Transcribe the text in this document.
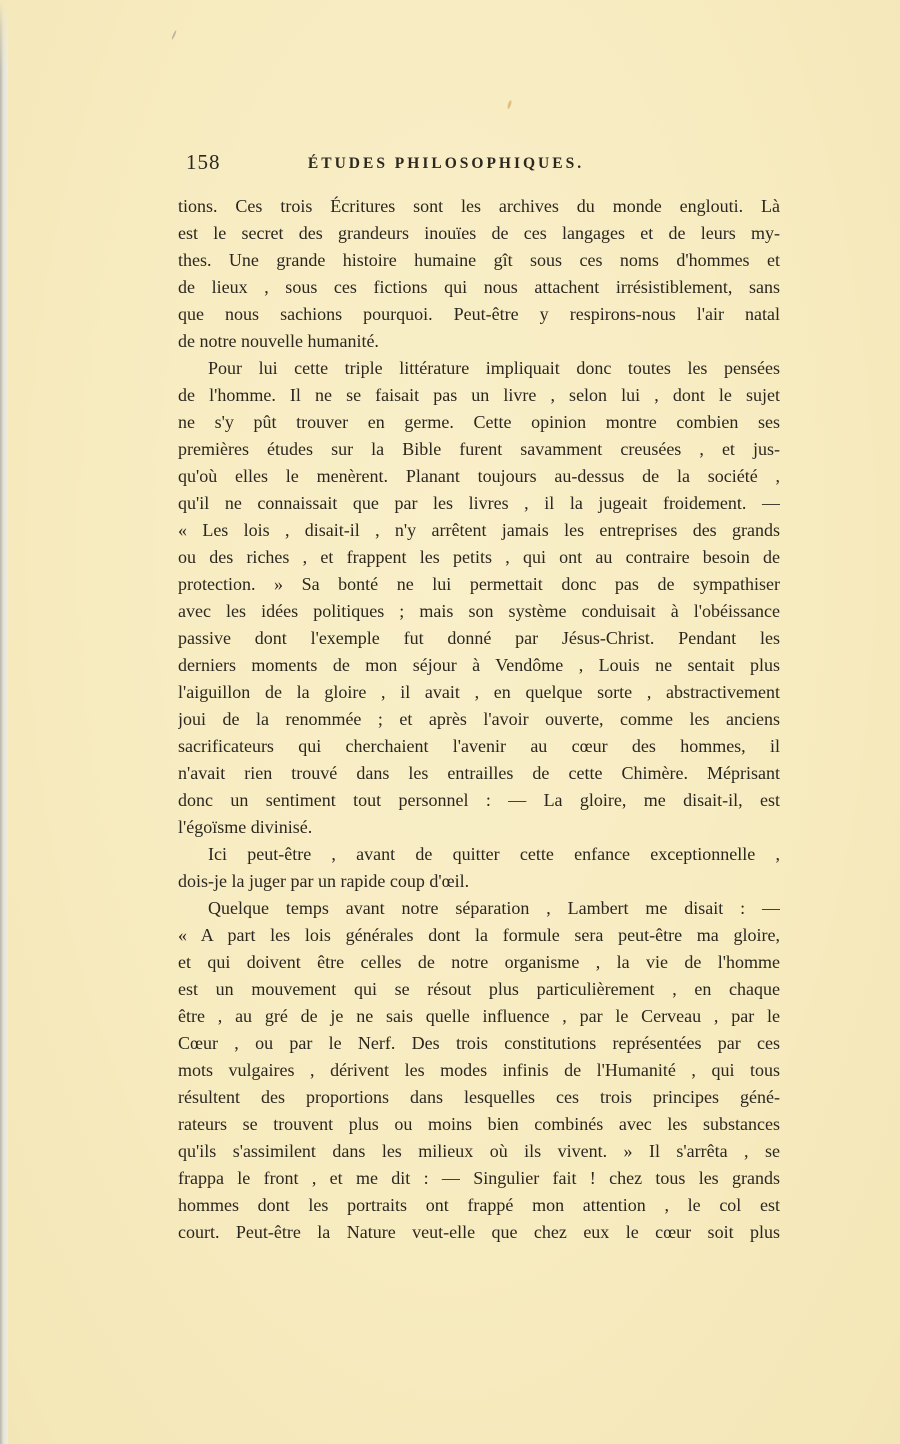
158	ÉTUDES PHILOSOPHIQUES.
tions. Ces trois Écritures sont les archives du monde englouti. Là
est le secret des grandeurs inouïes de ces langages et de leurs my-
thes. Une grande histoire humaine gît sous ces noms d'hommes et
de lieux , sous ces fictions qui nous attachent irrésistiblement, sans
que nous sachions pourquoi. Peut-être y respirons-nous l'air natal
de notre nouvelle humanité.
Pour lui cette triple littérature impliquait donc toutes les pensées
de l'homme. Il ne se faisait pas un livre , selon lui , dont le sujet
ne s'y pût trouver en germe. Cette opinion montre combien ses
premières études sur la Bible furent savamment creusées , et jus-
qu'où elles le menèrent. Planant toujours au-dessus de la société ,
qu'il ne connaissait que par les livres , il la jugeait froidement. —
« Les lois , disait-il , n'y arrêtent jamais les entreprises des grands
ou des riches , et frappent les petits , qui ont au contraire besoin de
protection. » Sa bonté ne lui permettait donc pas de sympathiser
avec les idées politiques ; mais son système conduisait à l'obéissance
passive dont l'exemple fut donné par Jésus-Christ. Pendant les
derniers moments de mon séjour à Vendôme , Louis ne sentait plus
l'aiguillon de la gloire , il avait , en quelque sorte , abstractivement
joui de la renommée ; et après l'avoir ouverte, comme les anciens
sacrificateurs qui cherchaient l'avenir au cœur des hommes, il
n'avait rien trouvé dans les entrailles de cette Chimère. Méprisant
donc un sentiment tout personnel : — La gloire, me disait-il, est
l'égoïsme divinisé.
Ici peut-être , avant de quitter cette enfance exceptionnelle ,
dois-je la juger par un rapide coup d'œil.
Quelque temps avant notre séparation , Lambert me disait : —
« A part les lois générales dont la formule sera peut-être ma gloire,
et qui doivent être celles de notre organisme , la vie de l'homme
est un mouvement qui se résout plus particulièrement , en chaque
être , au gré de je ne sais quelle influence , par le Cerveau , par le
Cœur , ou par le Nerf. Des trois constitutions représentées par ces
mots vulgaires , dérivent les modes infinis de l'Humanité , qui tous
résultent des proportions dans lesquelles ces trois principes géné-
rateurs se trouvent plus ou moins bien combinés avec les substances
qu'ils s'assimilent dans les milieux où ils vivent. » Il s'arrêta , se
frappa le front , et me dit : — Singulier fait ! chez tous les grands
hommes dont les portraits ont frappé mon attention , le col est
court. Peut-être la Nature veut-elle que chez eux le cœur soit plus
